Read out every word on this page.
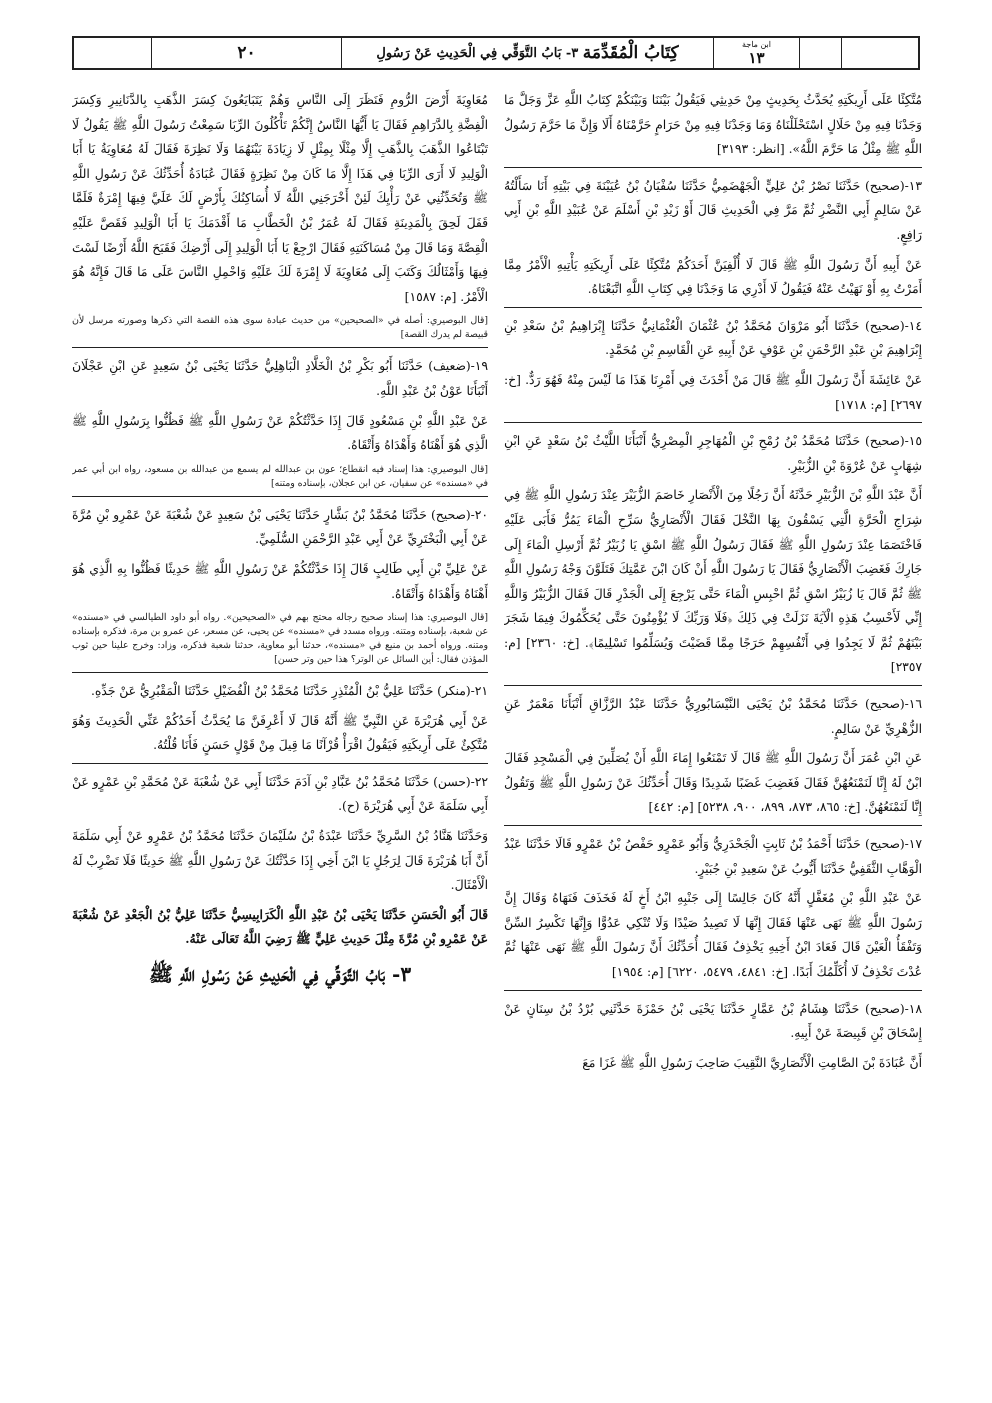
٢٠	كِتَابُ الْمُقَدِّمَة

٣- بَابُ التَّوَقِّي فِي الْحَدِيثِ عَنْ رَسُولِ
ابن ماجة
١٣

مُتَّكِئًا عَلَى أَرِيكَتِهِ يُحَدَّثُ بِحَدِيثٍ مِنْ حَدِيثِي فَيَقُولُ بَيْنَنَا وَبَيْنَكُمْ كِتَابُ اللَّهِ عَزَّ وَجَلَّ مَا وَجَدْنَا فِيهِ مِنْ حَلَالٍ اسْتَحْلَلْنَاهُ وَمَا وَجَدْنَا فِيهِ مِنْ حَرَامٍ حَرَّمْنَاهُ أَلَا وَإِنَّ مَا حَرَّمَ رَسُولُ اللَّهِ ﷺ مِثْلُ مَا حَرَّمَ اللَّهُ». [انظر: ٣١٩٣]

١٣-(صحيح) حَدَّثَنَا نَصْرُ بْنُ عَلِيٍّ الْجَهْضَمِيُّ حَدَّثَنَا سُفْيَانُ بْنُ عُيَيْنَةَ فِي بَيْتِهِ أَنَا سَأَلْتُهُ عَنْ سَالِمٍ أَبِي النَّضْرِ ثُمَّ مَرَّ فِي الْحَدِيثِ قَالَ أَوْ زَيْدِ بْنِ أَسْلَمَ عَنْ عُبَيْدِ اللَّهِ بْنِ أَبِي رَافِعٍ.

عَنْ أَبِيهِ أَنَّ رَسُولَ اللَّهِ ﷺ قَالَ لَا أُلْفِيَنَّ أَحَدَكُمْ مُتَّكِئًا عَلَى أَرِيكَتِهِ يَأْتِيهِ الْأَمْرُ مِمَّا أَمَرْتُ بِهِ أَوْ نَهَيْتُ عَنْهُ فَيَقُولُ لَا أَدْرِي مَا وَجَدْنَا فِي كِتَابِ اللَّهِ اتَّبَعْنَاهُ.

١٤-(صحيح) حَدَّثَنَا أَبُو مَرْوَانَ مُحَمَّدُ بْنُ عُثْمَانَ الْعُثْمَانِيُّ حَدَّثَنَا إِبْرَاهِيمُ بْنُ سَعْدِ بْنِ إِبْرَاهِيمَ بْنِ عَبْدِ الرَّحْمَنِ بْنِ عَوْفٍ عَنْ أَبِيهِ عَنِ الْقَاسِمِ بْنِ مُحَمَّدٍ.

عَنْ عَائِشَةَ أَنَّ رَسُولَ اللَّهِ ﷺ قَالَ مَنْ أَحْدَثَ فِي أَمْرِنَا هَذَا مَا لَيْسَ مِنْهُ فَهُوَ رَدٌّ. [خ: ٢٦٩٧] [م: ١٧١٨]

١٥-(صحيح) حَدَّثَنَا مُحَمَّدُ بْنُ رُمْحِ بْنِ الْمُهَاجِرِ الْمِصْرِيُّ أَنْبَأَنَا اللَّيْثُ بْنُ سَعْدٍ عَنِ ابْنِ شِهَابٍ عَنْ عُرْوَةَ بْنِ الزُّبَيْرِ.

أَنَّ عَبْدَ اللَّهِ بْنَ الزُّبَيْرِ حَدَّثَهُ أَنَّ رَجُلًا مِنَ الْأَنْصَارِ خَاصَمَ الزُّبَيْرَ عِنْدَ رَسُولِ اللَّهِ ﷺ فِي شِرَاجِ الْحَرَّةِ الَّتِي يَسْقُونَ بِهَا النَّخْلَ فَقَالَ الْأَنْصَارِيُّ سَرِّحِ الْمَاءَ يَمُرُّ فَأَبَى عَلَيْهِ فَاخْتَصَمَا عِنْدَ رَسُولِ اللَّهِ ﷺ فَقَالَ رَسُولُ اللَّهِ ﷺ اسْقِ يَا زُبَيْرُ ثُمَّ أَرْسِلِ الْمَاءَ إِلَى جَارِكَ فَغَضِبَ الْأَنْصَارِيُّ فَقَالَ يَا رَسُولَ اللَّهِ أَنْ كَانَ ابْنَ عَمَّتِكَ فَتَلَوَّنَ وَجْهُ رَسُولِ اللَّهِ ﷺ ثُمَّ قَالَ يَا زُبَيْرُ اسْقِ ثُمَّ احْبِسِ الْمَاءَ حَتَّى يَرْجِعَ إِلَى الْجَدْرِ قَالَ فَقَالَ الزُّبَيْرُ وَاللَّهِ إِنِّي لَأَحْسِبُ هَذِهِ الْآيَةَ نَزَلَتْ فِي ذَلِكَ ﴿فَلَا وَرَبِّكَ لَا يُؤْمِنُونَ حَتَّى يُحَكِّمُوكَ فِيمَا شَجَرَ بَيْنَهُمْ ثُمَّ لَا يَجِدُوا فِي أَنْفُسِهِمْ حَرَجًا مِمَّا قَضَيْتَ وَيُسَلِّمُوا تَسْلِيمًا﴾. [خ: ٢٣٦٠] [م: ٢٣٥٧]

١٦-(صحيح) حَدَّثَنَا مُحَمَّدُ بْنُ يَحْيَى النَّيْسَابُورِيُّ حَدَّثَنَا عَبْدُ الرَّزَّاقِ أَنْبَأَنَا مَعْمَرٌ عَنِ الزُّهْرِيِّ عَنْ سَالِمٍ.

عَنِ ابْنِ عُمَرَ أَنَّ رَسُولَ اللَّهِ ﷺ قَالَ لَا تَمْنَعُوا إِمَاءَ اللَّهِ أَنْ يُصَلِّينَ فِي الْمَسْجِدِ فَقَالَ ابْنٌ لَهُ إِنَّا لَنَمْنَعُهُنَّ فَقَالَ فَغَضِبَ غَضَبًا شَدِيدًا وَقَالَ أُحَدِّثُكَ عَنْ رَسُولِ اللَّهِ ﷺ وَتَقُولُ إِنَّا لَنَمْنَعُهُنَّ. [خ: ٨٦٥، ٨٧٣، ٨٩٩، ٩٠٠، ٥٢٣٨] [م: ٤٤٢]

١٧-(صحيح) حَدَّثَنَا أَحْمَدُ بْنُ ثَابِتٍ الْجَحْدَرِيُّ وَأَبُو عَمْرٍو حَفْصُ بْنُ عَمْرٍو قَالَا حَدَّثَنَا عَبْدُ الْوَهَّابِ الثَّقَفِيُّ حَدَّثَنَا أَيُّوبُ عَنْ سَعِيدِ بْنِ جُبَيْرٍ.

عَنْ عَبْدِ اللَّهِ بْنِ مُغَفَّلٍ أَنَّهُ كَانَ جَالِسًا إِلَى جَنْبِهِ ابْنُ أَخٍ لَهُ فَخَذَفَ فَنَهَاهُ وَقَالَ إِنَّ رَسُولَ اللَّهِ ﷺ نَهَى عَنْهَا فَقَالَ إِنَّهَا لَا تَصِيدُ صَيْدًا وَلَا تُنْكِي عَدُوًّا وَإِنَّهَا تَكْسِرُ السِّنَّ وَتَفْقَأُ الْعَيْنَ قَالَ فَعَادَ ابْنُ أَخِيهِ يَخْذِفُ فَقَالَ أُحَدِّثُكَ أَنَّ رَسُولَ اللَّهِ ﷺ نَهَى عَنْهَا ثُمَّ عُدْتَ تَخْذِفُ لَا أُكَلِّمُكَ أَبَدًا. [خ: ٤٨٤١، ٥٤٧٩، ٦٢٢٠] [م: ١٩٥٤]

١٨-(صحيح) حَدَّثَنَا هِشَامُ بْنُ عَمَّارٍ حَدَّثَنَا يَحْيَى بْنُ حَمْزَةَ حَدَّثَنِي بُرْدُ بْنُ سِنَانٍ عَنْ إِسْحَاقَ بْنِ قَبِيصَةَ عَنْ أَبِيهِ.

أَنَّ عُبَادَةَ بْنَ الصَّامِتِ الْأَنْصَارِيَّ النَّقِيبَ صَاحِبَ رَسُولِ اللَّهِ ﷺ غَزَا مَعَ

مُعَاوِيَةَ أَرْضَ الرُّومِ فَنَظَرَ إِلَى النَّاسِ وَهُمْ يَتَبَايَعُونَ كِسَرَ الذَّهَبِ بِالدَّنَانِيرِ وَكِسَرَ الْفِضَّةِ بِالدَّرَاهِمِ فَقَالَ يَا أَيُّهَا النَّاسُ إِنَّكُمْ تَأْكُلُونَ الرِّبَا سَمِعْتُ رَسُولَ اللَّهِ ﷺ يَقُولُ لَا تَبْتَاعُوا الذَّهَبَ بِالذَّهَبِ إِلَّا مِثْلًا بِمِثْلٍ لَا زِيَادَةَ بَيْنَهُمَا وَلَا نَظِرَةَ فَقَالَ لَهُ مُعَاوِيَةُ يَا أَبَا الْوَلِيدِ لَا أَرَى الرِّبَا فِي هَذَا إِلَّا مَا كَانَ مِنْ نَظِرَةٍ فَقَالَ عُبَادَةُ أُحَدِّثُكَ عَنْ رَسُولِ اللَّهِ ﷺ وَتُحَدِّثُنِي عَنْ رَأْيِكَ لَئِنْ أَخْرَجَنِي اللَّهُ لَا أُسَاكِنُكَ بِأَرْضٍ لَكَ عَلَيَّ فِيهَا إِمْرَةٌ فَلَمَّا قَفَلَ لَحِقَ بِالْمَدِينَةِ فَقَالَ لَهُ عُمَرُ بْنُ الْخَطَّابِ مَا أَقْدَمَكَ يَا أَبَا الْوَلِيدِ فَقَصَّ عَلَيْهِ الْقِصَّةَ وَمَا قَالَ مِنْ مُسَاكَنَتِهِ فَقَالَ ارْجِعْ يَا أَبَا الْوَلِيدِ إِلَى أَرْضِكَ فَقَبَحَ اللَّهُ أَرْضًا لَسْتَ فِيهَا وَأَمْثَالُكَ وَكَتَبَ إِلَى مُعَاوِيَةَ لَا إِمْرَةَ لَكَ عَلَيْهِ وَاحْمِلِ النَّاسَ عَلَى مَا قَالَ فَإِنَّهُ هُوَ الْأَمْرُ. [م: ١٥٨٧]

[قال البوصيري: أصله في «الصحيحين» من حديث عبادة سوى هذه القصة التي ذكرها وصورته مرسل لأن قبيصة لم يدرك القصة]

١٩-(ضعيف) حَدَّثَنَا أَبُو بَكْرِ بْنُ الْخَلَّادِ الْبَاهِلِيُّ حَدَّثَنَا يَحْيَى بْنُ سَعِيدٍ عَنِ ابْنِ عَجْلَانَ أَنْبَأَنَا عَوْنُ بْنُ عَبْدِ اللَّهِ.

عَنْ عَبْدِ اللَّهِ بْنِ مَسْعُودٍ قَالَ إِذَا حَدَّثْتُكُمْ عَنْ رَسُولِ اللَّهِ ﷺ فَظُنُّوا بِرَسُولِ اللَّهِ ﷺ الَّذِي هُوَ أَهْنَاهُ وَأَهْدَاهُ وَأَتْقَاهُ.

[قال البوصيري: هذا إسناد فيه انقطاع؛ عون بن عبدالله لم يسمع من عبدالله بن مسعود، رواه ابن أبي عمر في «مسنده» عن سفيان، عن ابن عجلان، بإسناده ومتنه]

٢٠-(صحيح) حَدَّثَنَا مُحَمَّدُ بْنُ بَشَّارٍ حَدَّثَنَا يَحْيَى بْنُ سَعِيدٍ عَنْ شُعْبَةَ عَنْ عَمْرِو بْنِ مُرَّةَ عَنْ أَبِي الْبَخْتَرِيِّ عَنْ أَبِي عَبْدِ الرَّحْمَنِ السُّلَمِيِّ.

عَنْ عَلِيِّ بْنِ أَبِي طَالِبٍ قَالَ إِذَا حَدَّثْتُكُمْ عَنْ رَسُولِ اللَّهِ ﷺ حَدِيثًا فَظُنُّوا بِهِ الَّذِي هُوَ أَهْنَاهُ وَأَهْدَاهُ وَأَتْقَاهُ.

[قال البوصيري: هذا إسناد صحيح رجاله محتج بهم في «الصحيحين». رواه أبو داود الطيالسي في «مسنده» عن شعبة، بإسناده ومتنه. ورواه مسدد في «مسنده» عن يحيى، عن مسعر، عن عمرو بن مرة، فذكره بإسناده ومتنه. ورواه أحمد بن منيع في «مسنده»، حدثنا أبو معاوية، حدثنا شعبة فذكره، وزاد: وخرج علينا حين ثوب المؤذن فقال: أين السائل عن الوتر؟ هذا حين وتر حسن]

٢١-(منكر) حَدَّثَنَا عَلِيُّ بْنُ الْمُنْذِرِ حَدَّثَنَا مُحَمَّدُ بْنُ الْفُضَيْلِ حَدَّثَنَا الْمَقْبُرِيُّ عَنْ جَدِّهِ.

عَنْ أَبِي هُرَيْرَةَ عَنِ النَّبِيِّ ﷺ أَنَّهُ قَالَ لَا أَعْرِفَنَّ مَا يُحَدَّثُ أَحَدُكُمْ عَنِّي الْحَدِيثَ وَهُوَ مُتَّكِئٌ عَلَى أَرِيكَتِهِ فَيَقُولُ اقْرَأْ قُرْآنًا مَا قِيلَ مِنْ قَوْلٍ حَسَنٍ فَأَنَا قُلْتُهُ.

٢٢-(حسن) حَدَّثَنَا مُحَمَّدُ بْنُ عَبَّادِ بْنِ آدَمَ حَدَّثَنَا أَبِي عَنْ شُعْبَةَ عَنْ مُحَمَّدِ بْنِ عَمْرٍو عَنْ أَبِي سَلَمَةَ عَنْ أَبِي هُرَيْرَةَ (ح).

وَحَدَّثَنَا هَنَّادُ بْنُ السَّرِيِّ حَدَّثَنَا عَبْدَةُ بْنُ سُلَيْمَانَ حَدَّثَنَا مُحَمَّدُ بْنُ عَمْرٍو عَنْ أَبِي سَلَمَةَ أَنَّ أَبَا هُرَيْرَةَ قَالَ لِرَجُلٍ يَا ابْنَ أَخِي إِذَا حَدَّثْتُكَ عَنْ رَسُولِ اللَّهِ ﷺ حَدِيثًا فَلَا تَضْرِبْ لَهُ الْأَمْثَالَ.

قَالَ أَبُو الْحَسَنِ حَدَّثَنَا يَحْيَى بْنُ عَبْدِ اللَّهِ الْكَرَابِيسِيُّ حَدَّثَنَا عَلِيُّ بْنُ الْجَعْدِ عَنْ شُعْبَةَ عَنْ عَمْرِو بْنِ مُرَّةَ مِثْلَ حَدِيثِ عَلِيٍّ ﷺ رَضِيَ اللَّهُ تَعَالَى عَنْهُ.

٣- بَابُ التَّوَقِّي فِي الْحَدِيثِ عَنْ رَسُولِ اللَّهِ ﷺ
